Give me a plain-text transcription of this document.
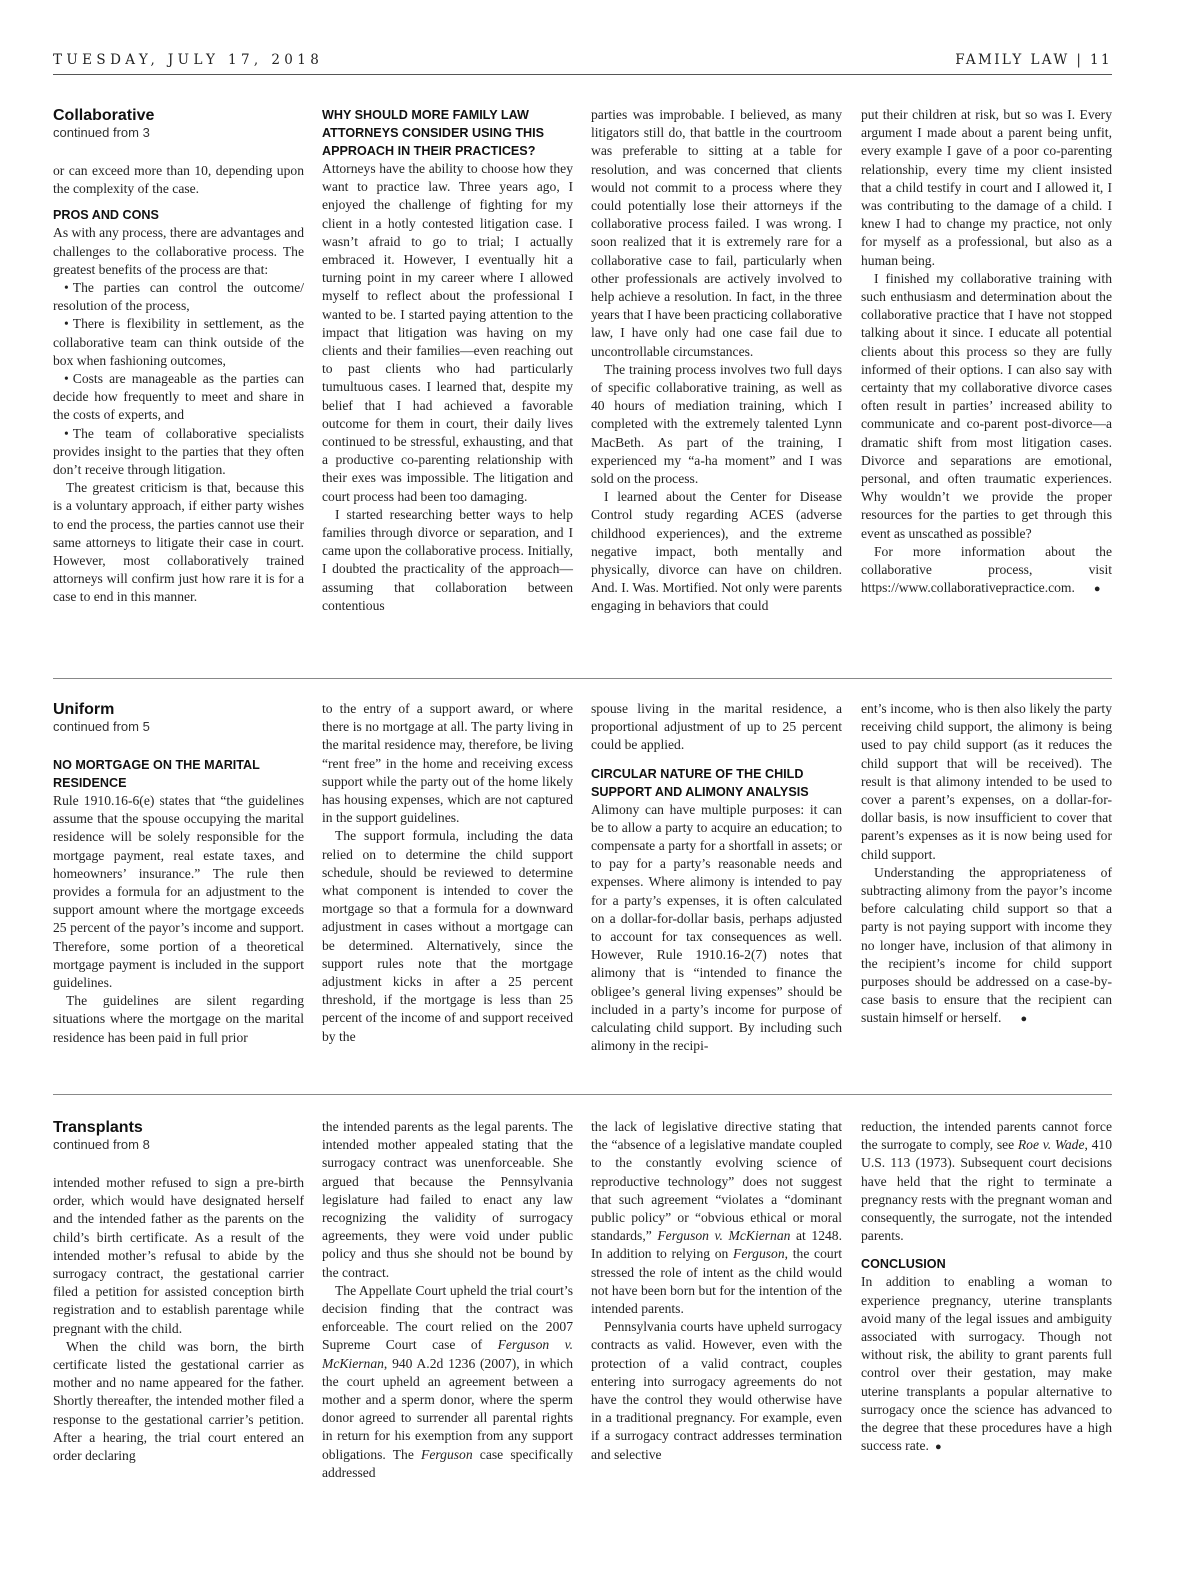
TUESDAY, JULY 17, 2018	FAMILY LAW | 11
Collaborative
continued from 3

or can exceed more than 10, depending upon the complexity of the case.

PROS AND CONS

As with any process, there are advantages and challenges to the collaborative process. The greatest benefits of the process are that:

• The parties can control the outcome/ resolution of the process,

• There is flexibility in settlement, as the collaborative team can think outside of the box when fashioning outcomes,

• Costs are manageable as the parties can decide how frequently to meet and share in the costs of experts, and

• The team of collaborative specialists provides insight to the parties that they often don’t receive through litigation.

The greatest criticism is that, because this is a voluntary approach, if either party wishes to end the process, the parties cannot use their same attorneys to litigate their case in court. However, most collaboratively trained attorneys will confirm just how rare it is for a case to end in this manner.

WHY SHOULD MORE FAMILY LAW ATTORNEYS CONSIDER USING THIS APPROACH IN THEIR PRACTICES?

Attorneys have the ability to choose how they want to practice law. Three years ago, I enjoyed the challenge of fighting for my client in a hotly contested litigation case. I wasn’t afraid to go to trial; I actually embraced it. However, I eventually hit a turning point in my career where I allowed myself to reflect about the professional I wanted to be. I started paying attention to the impact that litigation was having on my clients and their families—even reaching out to past clients who had particularly tumultuous cases. I learned that, despite my belief that I had achieved a favorable outcome for them in court, their daily lives continued to be stressful, exhausting, and that a productive co-parenting relationship with their exes was impossible. The litigation and court process had been too damaging.

I started researching better ways to help families through divorce or separation, and I came upon the collaborative process. Initially, I doubted the practicality of the approach—assuming that collaboration between contentious

parties was improbable. I believed, as many litigators still do, that battle in the courtroom was preferable to sitting at a table for resolution, and was concerned that clients would not commit to a process where they could potentially lose their attorneys if the collaborative process failed. I was wrong. I soon realized that it is extremely rare for a collaborative case to fail, particularly when other professionals are actively involved to help achieve a resolution. In fact, in the three years that I have been practicing collaborative law, I have only had one case fail due to uncontrollable circumstances.

The training process involves two full days of specific collaborative training, as well as 40 hours of mediation training, which I completed with the extremely talented Lynn MacBeth. As part of the training, I experienced my “a-ha moment” and I was sold on the process.

I learned about the Center for Disease Control study regarding ACES (adverse childhood experiences), and the extreme negative impact, both mentally and physically, divorce can have on children. And. I. Was. Mortified. Not only were parents engaging in behaviors that could

put their children at risk, but so was I. Every argument I made about a parent being unfit, every example I gave of a poor co-parenting relationship, every time my client insisted that a child testify in court and I allowed it, I was contributing to the damage of a child. I knew I had to change my practice, not only for myself as a professional, but also as a human being.

I finished my collaborative training with such enthusiasm and determination about the collaborative practice that I have not stopped talking about it since. I educate all potential clients about this process so they are fully informed of their options. I can also say with certainty that my collaborative divorce cases often result in parties’ increased ability to communicate and co-parent post-divorce—a dramatic shift from most litigation cases. Divorce and separations are emotional, personal, and often traumatic experiences. Why wouldn’t we provide the proper resources for the parties to get through this event as unscathed as possible?

For more information about the collaborative process, visit https://www.collaborativepractice.com. ●

Uniform
continued from 5
NO MORTGAGE ON THE MARITAL RESIDENCE

Rule 1910.16-6(e) states that “the guidelines assume that the spouse occupying the marital residence will be solely responsible for the mortgage payment, real estate taxes, and homeowners’ insurance.” The rule then provides a formula for an adjustment to the support amount where the mortgage exceeds 25 percent of the payor’s income and support. Therefore, some portion of a theoretical mortgage payment is included in the support guidelines.

The guidelines are silent regarding situations where the mortgage on the marital residence has been paid in full prior

to the entry of a support award, or where there is no mortgage at all. The party living in the marital residence may, therefore, be living “rent free” in the home and receiving excess support while the party out of the home likely has housing expenses, which are not captured in the support guidelines.

The support formula, including the data relied on to determine the child support schedule, should be reviewed to determine what component is intended to cover the mortgage so that a formula for a downward adjustment in cases without a mortgage can be determined. Alternatively, since the support rules note that the mortgage adjustment kicks in after a 25 percent threshold, if the mortgage is less than 25 percent of the income of and support received by the

spouse living in the marital residence, a proportional adjustment of up to 25 percent could be applied.

CIRCULAR NATURE OF THE CHILD SUPPORT AND ALIMONY ANALYSIS

Alimony can have multiple purposes: it can be to allow a party to acquire an education; to compensate a party for a shortfall in assets; or to pay for a party’s reasonable needs and expenses. Where alimony is intended to pay for a party’s expenses, it is often calculated on a dollar-for-dollar basis, perhaps adjusted to account for tax consequences as well. However, Rule 1910.16-2(7) notes that alimony that is “intended to finance the obligee’s general living expenses” should be included in a party’s income for purpose of calculating child support. By including such alimony in the recipi-

ent’s income, who is then also likely the party receiving child support, the alimony is being used to pay child support (as it reduces the child support that will be received). The result is that alimony intended to be used to cover a parent’s expenses, on a dollar-for-dollar basis, is now insufficient to cover that parent’s expenses as it is now being used for child support.

Understanding the appropriateness of subtracting alimony from the payor’s income before calculating child support so that a party is not paying support with income they no longer have, inclusion of that alimony in the recipient’s income for child support purposes should be addressed on a case-by-case basis to ensure that the recipient can sustain himself or herself. ●

Transplants
continued from 8

intended mother refused to sign a pre-birth order, which would have designated herself and the intended father as the parents on the child’s birth certificate. As a result of the intended mother’s refusal to abide by the surrogacy contract, the gestational carrier filed a petition for assisted conception birth registration and to establish parentage while pregnant with the child.

When the child was born, the birth certificate listed the gestational carrier as mother and no name appeared for the father. Shortly thereafter, the intended mother filed a response to the gestational carrier’s petition. After a hearing, the trial court entered an order declaring

the intended parents as the legal parents. The intended mother appealed stating that the surrogacy contract was unenforceable. She argued that because the Pennsylvania legislature had failed to enact any law recognizing the validity of surrogacy agreements, they were void under public policy and thus she should not be bound by the contract.

The Appellate Court upheld the trial court’s decision finding that the contract was enforceable. The court relied on the 2007 Supreme Court case of Ferguson v. McKiernan, 940 A.2d 1236 (2007), in which the court upheld an agreement between a mother and a sperm donor, where the sperm donor agreed to surrender all parental rights in return for his exemption from any support obligations. The Ferguson case specifically addressed

the lack of legislative directive stating that the “absence of a legislative mandate coupled to the constantly evolving science of reproductive technology” does not suggest that such agreement “violates a “dominant public policy” or “obvious ethical or moral standards,” Ferguson v. McKiernan at 1248. In addition to relying on Ferguson, the court stressed the role of intent as the child would not have been born but for the intention of the intended parents.

Pennsylvania courts have upheld surrogacy contracts as valid. However, even with the protection of a valid contract, couples entering into surrogacy agreements do not have the control they would otherwise have in a traditional pregnancy. For example, even if a surrogacy contract addresses termination and selective

reduction, the intended parents cannot force the surrogate to comply, see Roe v. Wade, 410 U.S. 113 (1973). Subsequent court decisions have held that the right to terminate a pregnancy rests with the pregnant woman and consequently, the surrogate, not the intended parents.

CONCLUSION

In addition to enabling a woman to experience pregnancy, uterine transplants avoid many of the legal issues and ambiguity associated with surrogacy. Though not without risk, the ability to grant parents full control over their gestation, may make uterine transplants a popular alternative to surrogacy once the science has advanced to the degree that these procedures have a high success rate. ●
